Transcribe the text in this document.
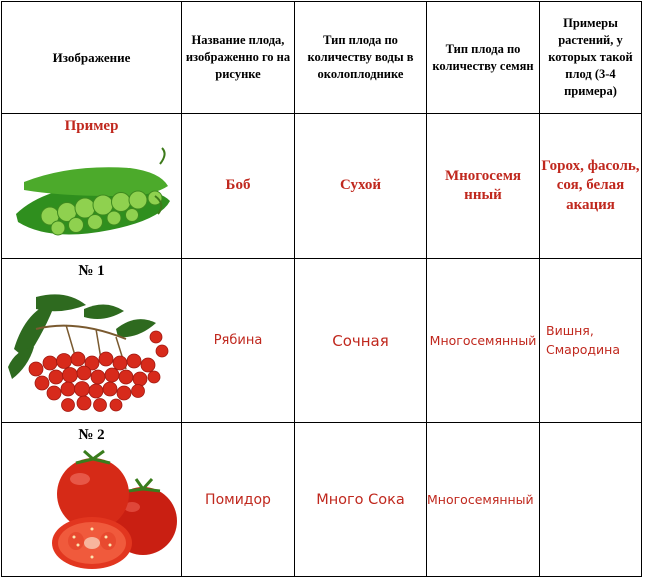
Изображение	Название плода, изображенно го на рисунке	Тип плода по количеству воды в околоплоднике	Тип плода по количеству семян	Примеры растений, у которых такой плод (3-4 примера)

Пример	Боб	Сухой	Многосемя нный	Горох, фасоль, соя, белая акация

№ 1	Рябина	Сочная	Многосемянный	Вишня, Смародина

№ 2	Помидор	Много Сока	Многосемянный	
